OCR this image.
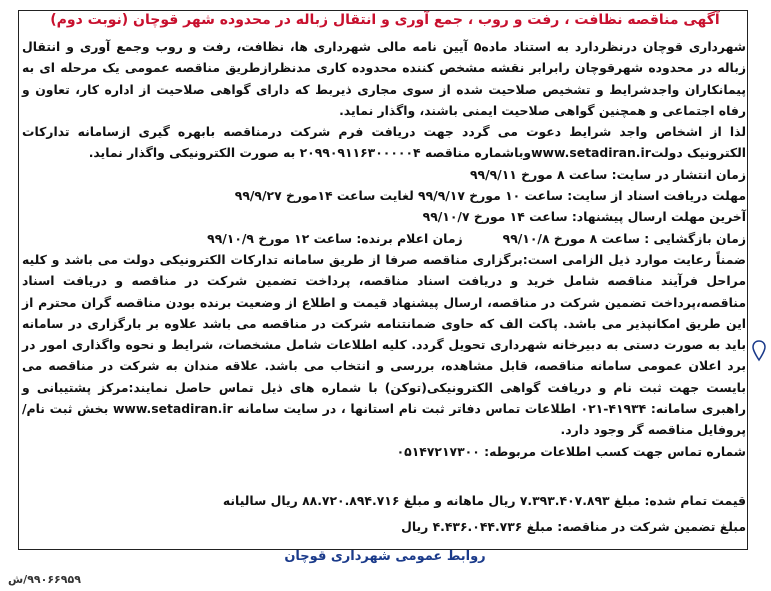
آگهی مناقصه نظافت ، رفت و روب ، جمع آوری و انتقال زباله در محدوده شهر قوچان (نوبت دوم)

شهرداری قوچان درنظردارد به استناد ماده۵ آیین نامه مالی شهرداری ها، نظافت، رفت و روب وجمع آوری و انتقال زباله در محدوده شهرقوچان رابرابر نقشه مشخص کننده محدوده کاری مدنظرازطریق مناقصه عمومی یک مرحله ای به پیمانکاران واجدشرایط و تشخیص صلاحیت شده از سوی مجاری ذیربط که دارای گواهی صلاحیت از اداره کار، تعاون و رفاه اجتماعی و همچنین گواهی صلاحیت ایمنی باشند، واگذار نماید.

لذا از اشخاص واجد شرایط دعوت می گردد جهت دریافت فرم شرکت درمناقصه بابهره گیری ازسامانه تدارکات الکترونیک دولتwww.setadiran.irوباشماره مناقصه ۲۰۹۹۰۹۱۱۶۳۰۰۰۰۰۴ به صورت الکترونیکی واگذار نماید.

زمان انتشار در سایت: ساعت ۸ مورخ ۹۹/۹/۱۱

مهلت دریافت اسناد از سایت: ساعت ۱۰ مورخ ۹۹/۹/۱۷ لغایت ساعت ۱۴مورخ ۹۹/۹/۲۷

آخرین مهلت ارسال پیشنهاد: ساعت ۱۴ مورخ ۹۹/۱۰/۷

زمان بازگشایی : ساعت ۸ مورخ ۹۹/۱۰/۸
زمان اعلام برنده: ساعت ۱۲ مورخ ۹۹/۱۰/۹

ضمناً رعایت موارد ذیل الزامی است:برگزاری مناقصه صرفا از طریق سامانه تدارکات الکترونیکی دولت می باشد و کلیه مراحل فرآیند مناقصه شامل خرید و دریافت اسناد مناقصه، پرداخت تضمین شرکت در مناقصه و دریافت اسناد مناقصه،پرداخت تضمین شرکت در مناقصه، ارسال پیشنهاد قیمت و اطلاع از وضعیت برنده بودن مناقصه گران محترم از این طریق امکانپذیر می باشد. پاکت الف که حاوی ضمانتنامه شرکت در مناقصه می باشد علاوه بر بارگزاری در سامانه باید به صورت دستی به دبیرخانه شهرداری تحویل گردد. کلیه اطلاعات شامل مشخصات، شرایط و نحوه واگذاری امور در برد اعلان عمومی سامانه مناقصه، قابل مشاهده، بررسی و انتخاب می باشد. علاقه مندان به شرکت در مناقصه می بایست جهت ثبت نام و دریافت گواهی الکترونیکی(توکن) با شماره های ذیل تماس حاصل نمایند:مرکز پشتیبانی و راهبری سامانه: ۴۱۹۳۴-۰۲۱ اطلاعات تماس دفاتر ثبت نام استانها ، در سایت سامانه www.setadiran.ir بخش ثبت نام/پروفایل مناقصه گر وجود دارد.

شماره تماس جهت کسب اطلاعات مربوطه: ۰۵۱۴۷۲۱۷۳۰۰

قیمت تمام شده: مبلغ ۷.۳۹۳.۴۰۷.۸۹۳ ریال ماهانه و مبلغ ۸۸.۷۲۰.۸۹۴.۷۱۶ ریال سالیانه
مبلغ تضمین شرکت در مناقصه: مبلغ ۴.۴۳۶.۰۴۴.۷۳۶ ریال
روابط عمومی شهرداری قوچان
۹۹۰۶۶۹۵۹/ش
